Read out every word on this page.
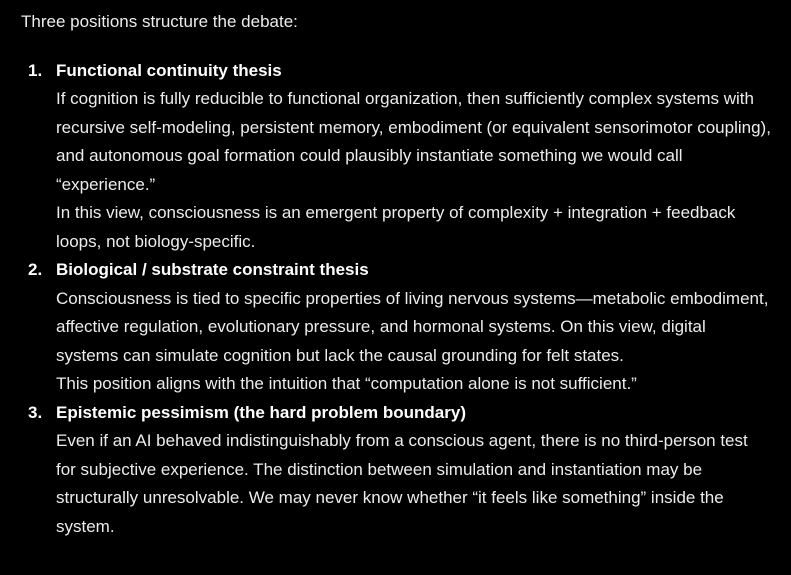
Three positions structure the debate:

1. Functional continuity thesis
If cognition is fully reducible to functional organization, then sufficiently complex systems with recursive self-modeling, persistent memory, embodiment (or equivalent sensorimotor coupling), and autonomous goal formation could plausibly instantiate something we would call “experience.”
In this view, consciousness is an emergent property of complexity + integration + feedback loops, not biology-specific.
2. Biological / substrate constraint thesis
Consciousness is tied to specific properties of living nervous systems—metabolic embodiment, affective regulation, evolutionary pressure, and hormonal systems. On this view, digital systems can simulate cognition but lack the causal grounding for felt states.
This position aligns with the intuition that “computation alone is not sufficient.”
3. Epistemic pessimism (the hard problem boundary)
Even if an AI behaved indistinguishably from a conscious agent, there is no third-person test for subjective experience. The distinction between simulation and instantiation may be structurally unresolvable. We may never know whether “it feels like something” inside the system.
